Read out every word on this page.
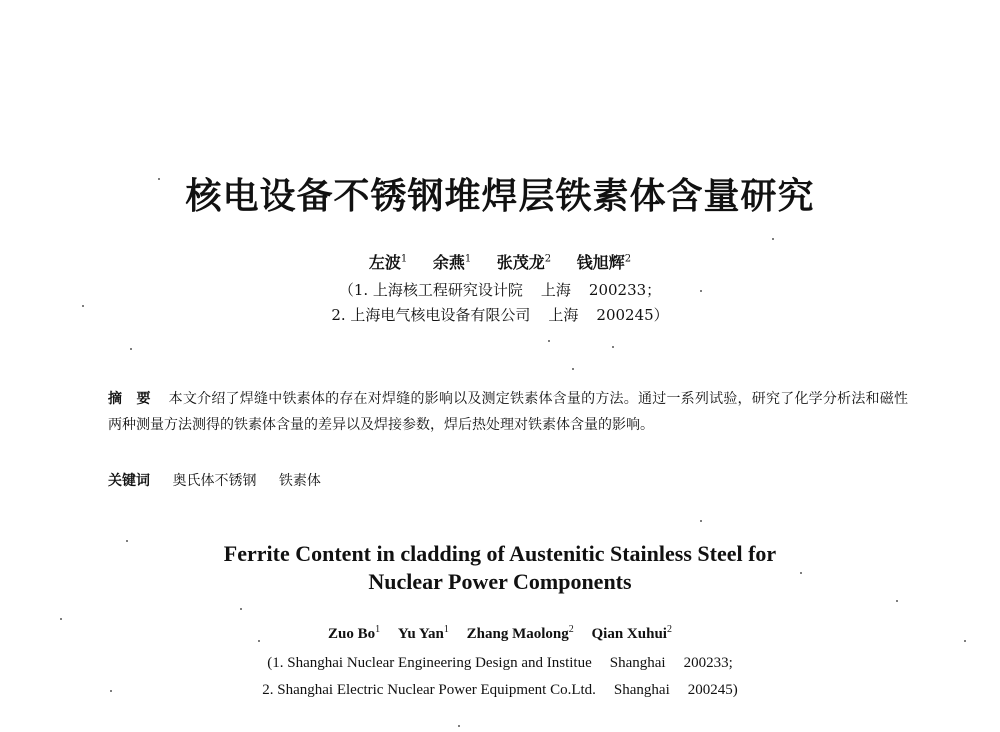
核电设备不锈钢堆焊层铁素体含量研究
左波$^1$ 余燕$^1$ 张茂龙$^2$ 钱旭辉$^2$
（1. 上海核工程研究设计院 上海 200233；
2. 上海电气核电设备有限公司 上海 200245）
摘　要 本文介绍了焊缝中铁素体的存在对焊缝的影响以及测定铁素体含量的方法。通过一系列试验，研究了化学分析法和磁性两种测量方法测得的铁素体含量的差异以及焊接参数，焊后热处理对铁素体含量的影响。
关键词 奥氏体不锈钢 铁素体
Ferrite Content in cladding of Austenitic Stainless Steel for
Nuclear Power Components
Zuo Bo$^1$ Yu Yan$^1$ Zhang Maolong$^2$ Qian Xuhui$^2$
(1. Shanghai Nuclear Engineering Design and Institue Shanghai 200233;
2. Shanghai Electric Nuclear Power Equipment Co.Ltd. Shanghai 200245)
